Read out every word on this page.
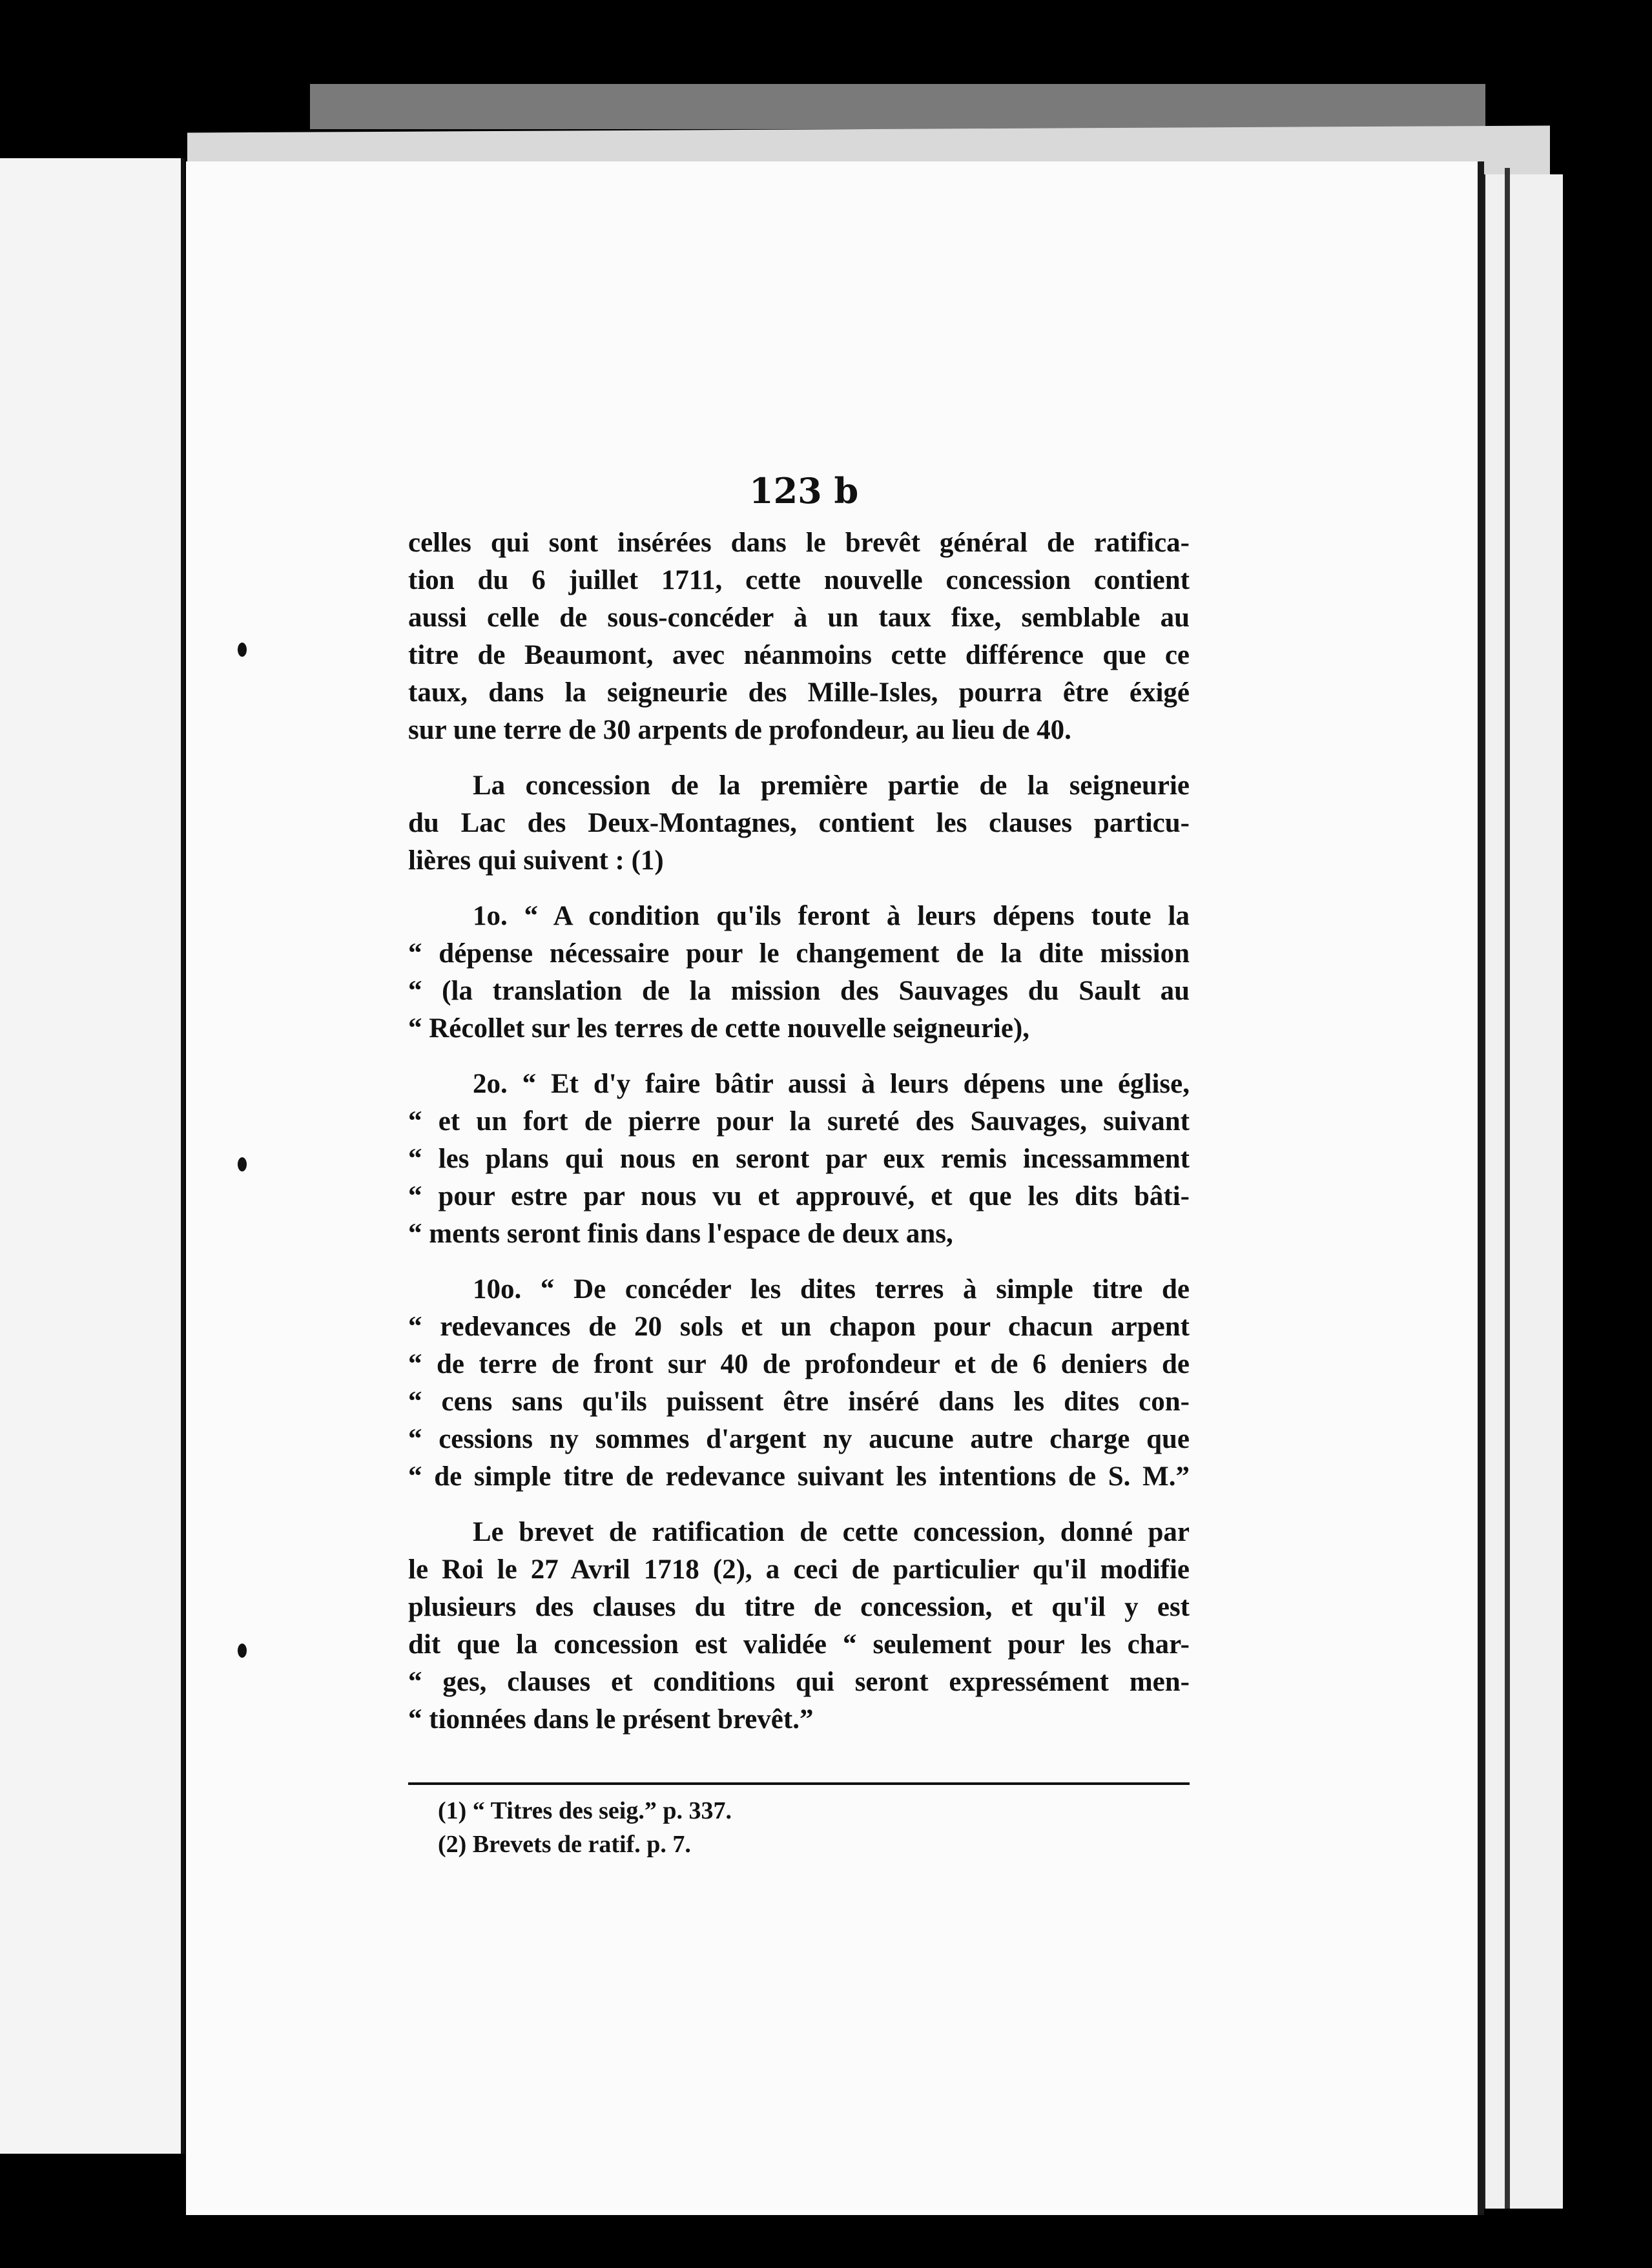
123 b
celles qui sont insérées dans le brevêt général de ratifica-
tion du 6 juillet 1711, cette nouvelle concession contient
aussi celle de sous-concéder à un taux fixe, semblable au
titre de Beaumont, avec néanmoins cette différence que ce
taux, dans la seigneurie des Mille-Isles, pourra être éxigé
sur une terre de 30 arpents de profondeur, au lieu de 40.
La concession de la première partie de la seigneurie
du Lac des Deux-Montagnes, contient les clauses particu-
lières qui suivent : (1)
1o. “ A condition qu'ils feront à leurs dépens toute la
“ dépense nécessaire pour le changement de la dite mission
“ (la translation de la mission des Sauvages du Sault au
“ Récollet sur les terres de cette nouvelle seigneurie),
2o. “ Et d'y faire bâtir aussi à leurs dépens une église,
“ et un fort de pierre pour la sureté des Sauvages, suivant
“ les plans qui nous en seront par eux remis incessamment
“ pour estre par nous vu et approuvé, et que les dits bâti-
“ ments seront finis dans l'espace de deux ans,
10o. “ De concéder les dites terres à simple titre de
“ redevances de 20 sols et un chapon pour chacun arpent
“ de terre de front sur 40 de profondeur et de 6 deniers de
“ cens sans qu'ils puissent être inséré dans les dites con-
“ cessions ny sommes d'argent ny aucune autre charge que
“ de simple titre de redevance suivant les intentions de S. M.”
Le brevet de ratification de cette concession, donné par
le Roi le 27 Avril 1718 (2), a ceci de particulier qu'il modifie
plusieurs des clauses du titre de concession, et qu'il y est
dit que la concession est validée “ seulement pour les char-
“ ges, clauses et conditions qui seront expressément men-
“ tionnées dans le présent brevêt.”
(1) “ Titres des seig.” p. 337.
(2) Brevets de ratif. p. 7.
